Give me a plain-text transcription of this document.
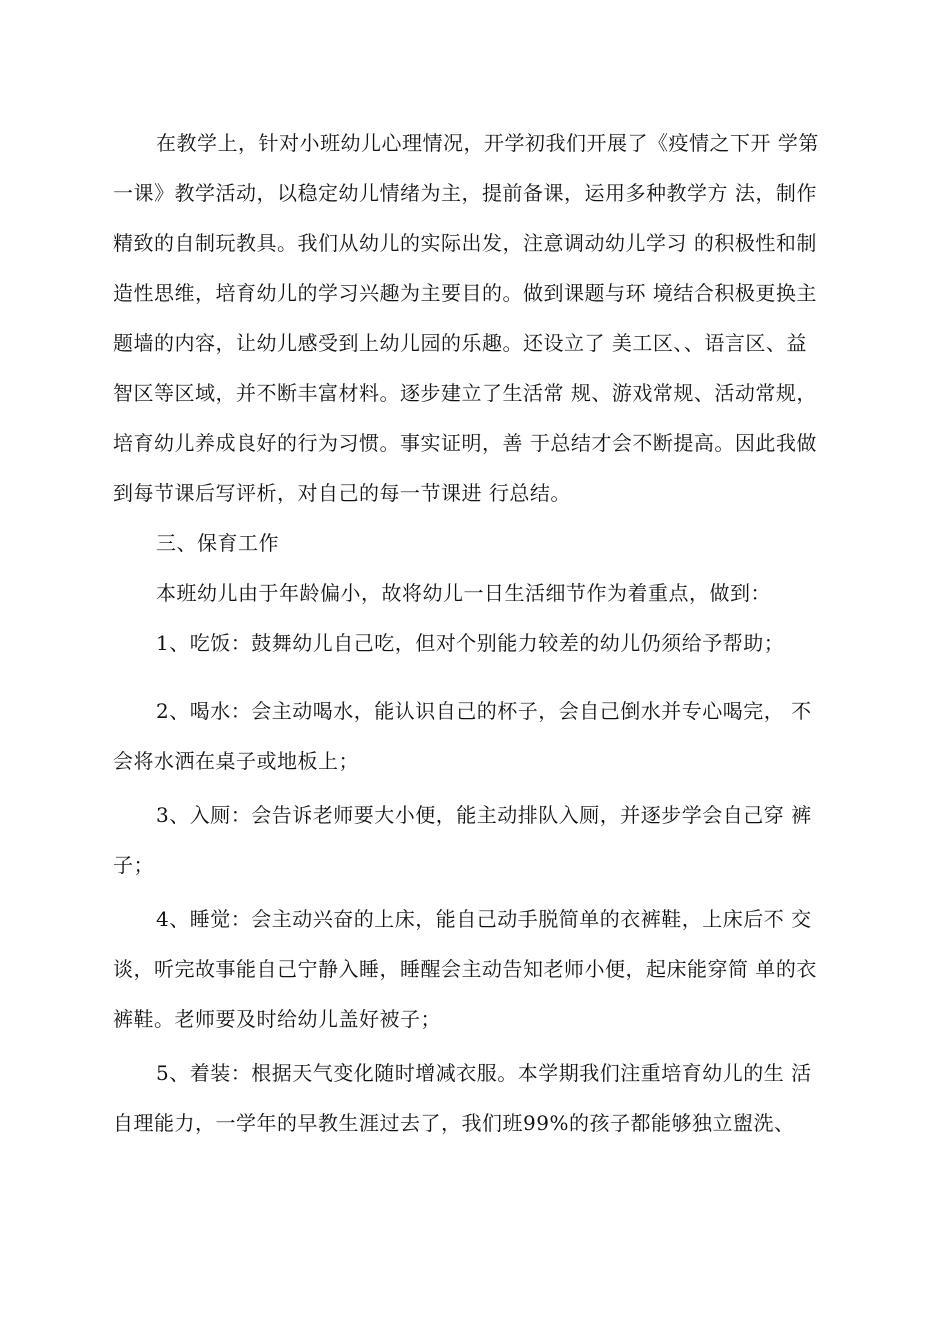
在教学上，针对小班幼儿心理情况，开学初我们开展了《疫情之下开 学第
一课》教学活动，以稳定幼儿情绪为主，提前备课，运用多种教学方 法，制作
精致的自制玩教具。我们从幼儿的实际出发，注意调动幼儿学习 的积极性和制
造性思维，培育幼儿的学习兴趣为主要目的。做到课题与环 境结合积极更换主
题墙的内容，让幼儿感受到上幼儿园的乐趣。还设立了 美工区、、语言区、益
智区等区域，并不断丰富材料。逐步建立了生活常 规、游戏常规、活动常规，
培育幼儿养成良好的行为习惯。事实证明，善 于总结才会不断提高。因此我做
到每节课后写评析，对自己的每一节课进 行总结。

三、保育工作

本班幼儿由于年龄偏小，故将幼儿一日生活细节作为着重点，做到：

1、吃饭：鼓舞幼儿自己吃，但对个别能力较差的幼儿仍须给予帮助；

2、喝水：会主动喝水，能认识自己的杯子，会自己倒水并专心喝完， 不
会将水洒在桌子或地板上；

3、入厕：会告诉老师要大小便，能主动排队入厕，并逐步学会自己穿 裤
子；

4、睡觉：会主动兴奋的上床，能自己动手脱简单的衣裤鞋，上床后不 交
谈，听完故事能自己宁静入睡，睡醒会主动告知老师小便，起床能穿简 单的衣
裤鞋。老师要及时给幼儿盖好被子；

5、着装：根据天气变化随时增减衣服。本学期我们注重培育幼儿的生 活
自理能力，一学年的早教生涯过去了，我们班99%的孩子都能够独立盥洗、
